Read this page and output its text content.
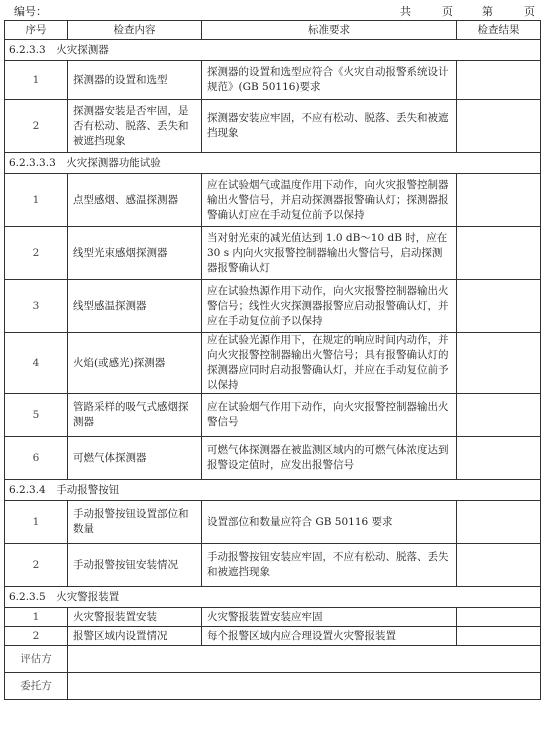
编号：	共	页	第	页
序号	检查内容	标准要求	检查结果
6.2.3.3　火灾探测器			
1	探测器的设置和选型	探测器的设置和选型应符合《火灾自动报警系统设计规范》(GB 50116)要求	
2	探测器安装是否牢固，是否有松动、脱落、丢失和被遮挡现象	探测器安装应牢固，不应有松动、脱落、丢失和被遮挡现象	
6.2.3.3.3　火灾探测器功能试验			
1	点型感烟、感温探测器	应在试验烟气或温度作用下动作，向火灾报警控制器输出火警信号，并启动探测器报警确认灯；探测器报警确认灯应在手动复位前予以保持	
2	线型光束感烟探测器	当对射光束的减光值达到 1.0 dB～10 dB 时，应在 30 s 内向火灾报警控制器输出火警信号，启动探测器报警确认灯	
3	线型感温探测器	应在试验热源作用下动作，向火灾报警控制器输出火警信号；线性火灾探测器报警应启动报警确认灯，并应在手动复位前予以保持	
4	火焰(或感光)探测器	应在试验光源作用下，在规定的响应时间内动作，并向火灾报警控制器输出火警信号；具有报警确认灯的探测器应同时启动报警确认灯，并应在手动复位前予以保持	
5	管路采样的吸气式感烟探测器	应在试验烟气作用下动作，向火灾报警控制器输出火警信号	
6	可燃气体探测器	可燃气体探测器在被监测区域内的可燃气体浓度达到报警设定值时，应发出报警信号	
6.2.3.4　手动报警按钮			
1	手动报警按钮设置部位和数量	设置部位和数量应符合 GB 50116 要求	
2	手动报警按钮安装情况	手动报警按钮安装应牢固，不应有松动、脱落、丢失和被遮挡现象	
6.2.3.5　火灾警报装置			
1	火灾警报装置安装	火灾警报装置安装应牢固	
2	报警区域内设置情况	每个报警区域内应合理设置火灾警报装置	
评估方			
委托方			
